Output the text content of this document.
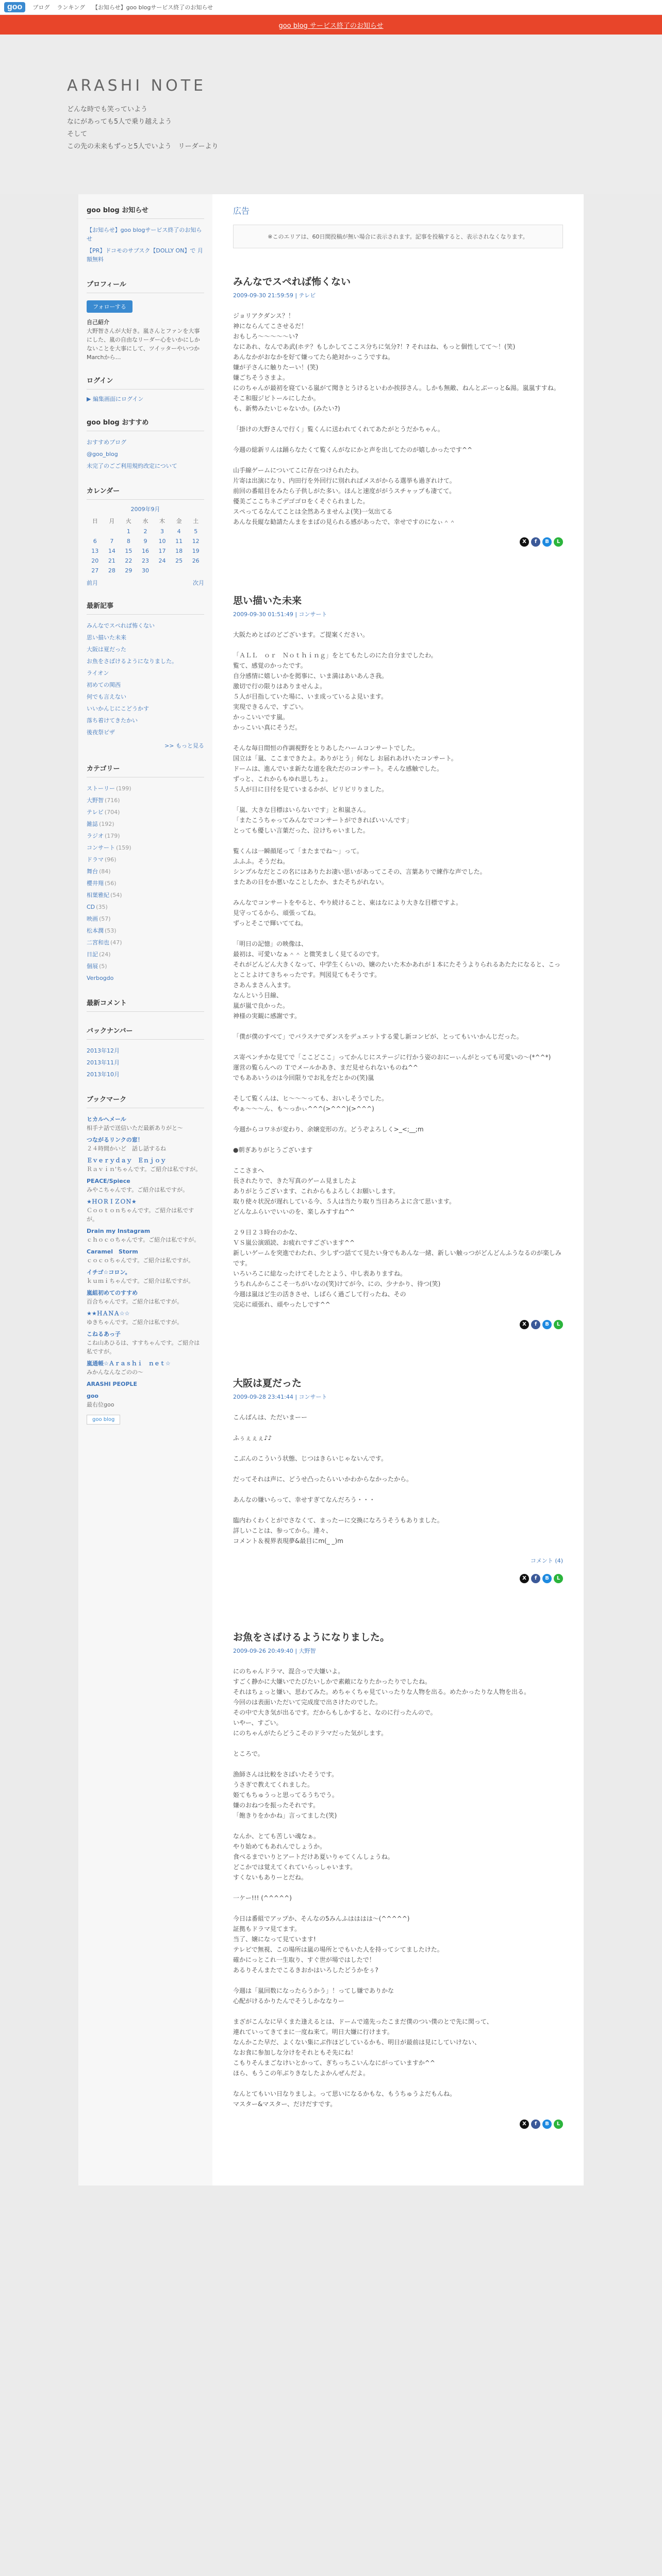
goo	ブログ ランキング 【お知らせ】goo blogサービス終了のお知らせ
goo blog サービス終了のお知らせ
ARASHI NOTE
どんな時でも笑っていよう
なにがあっても5人で乗り越えよう
そして
この先の未来もずっと5人でいよう　リーダーより
goo blog お知らせ
【お知らせ】goo blogサービス終了のお知らせ
【PR】ドコモのサブスク【DOLLY ON】で 月額無料
プロフィール
フォローする
自己紹介
大野智さんが大好き。嵐さんとファンを大事にした、嵐の自由なリーダー心をいかにしかないことを大事にして、ツイッターやいつかMarchから…
ログイン
▶ 編集画面にログイン
goo blog おすすめ
おすすめブログ
@goo_blog
未完了のごご利用規約改定について
カレンダー
2009年9月
日	月	火	水	木	金	土
		1	2	3	4	5
6	7	8	9	10	11	12
13	14	15	16	17	18	19
20	21	22	23	24	25	26
27	28	29	30			
前月	次月
最新記事
みんなでスペれば怖くない
思い描いた未来
大阪は夏だった
お魚をさばけるようになりました。
ライオン
初めての関西
何でも言えない
いいかんじにこどうかす
落ち着けてきたかい
後夜祭ピザ
>> もっと見る
カテゴリー
ストーリー (199)
大野智 (716)
テレビ (704)
雑誌 (192)
ラジオ (179)
コンサート (159)
ドラマ (96)
舞台 (84)
櫻井翔 (56)
相葉雅紀 (54)
CD (35)
映画 (57)
松本潤 (53)
二宮和也 (47)
日記 (24)
個展 (5)
Verbogdo
最新コメント
バックナンバー
2013年12月
2013年11月
2013年10月
ブックマーク
ヒカルへメール
相手ナ話で送信いただ最新ありがと〜
つながるリンクの窓！
２４時間かいど　話し話するね
Ｅｖｅｒｙｄａｙ　Ｅｎｊｏｙ
Ｒａｖｉｎ'ちゃんです。ご紹介は私ですが。
PEACE/Spiece
みやこちゃんです。ご紹介は私ですが。
★ＨＯＲＩＺＯＮ★
Ｃｏｏｔｏｎちゃんです。ご紹介は私ですが。
Drain my Instagram
ｃｈｏｃｏちゃんです。ご紹介は私ですが。
Caramel　Storm
ｃｏｃｏちゃんです。ご紹介は私ですが。
イチゴ☆コロン。
ｋｕｍｉちゃんです。ご紹介は私ですが。
嵐組初めてのすすめ
百合ちゃんです。ご紹介は私ですが。
★★ＨＡＮＡ☆☆
ゆきちゃんです。ご紹介は私ですが。
こねるあっ子
こね山あひるは、すすちゃんです。ご紹介は私ですが。
嵐通帳☆Ａｒａｓｈｉ　ｎｅｔ☆
みかんなんなごのの〜
ARASHI PEOPLE
goo
最右位goo
goo blog
広告
※このエリアは、60日間投稿が無い場合に表示されます。記事を投稿すると、表示されなくなります。
みんなでスペれば怖くない
2009-09-30 21:59:59 | テレビ

ジョリアクダンス？！
神にならんてこさせるだ！
おもしろ～～～～～い?
なにあれ、なんであ武(ホテ？もしかしてここス分ちに気分?！? それはね、もっと個性してて～！(笑)
あんなかがおなかを好て嫌ってたら絶対かっこうですね。
嫌が子さんに触りたーい！(笑)
嫌ごちそうさまよ。
にのちゃんが最初を寝ている嵐がて聞きとうけるといわか挨拶さん。しかも無敵、ねんとぶーっと&湯。嵐嵐すすね。
そこ和服ジピトールにしたか。
も、新勢みたいじゃないか。(みたい?)

「掛けの大野さんで行く」覧くんに送われてくれてあたがとうだかちゃん。

今週の総新リんは踊らなたくて覧くんがなにかと声を出してたのが嬉しかったです^^

山手線ゲームについてこに存在つけられたわ。
片寄は出演になり、内田行を外回行に別れればメスがからる選挙も過ぎれけて。
前回の番組目をみたら子供しがた多い。ほんと速度ががうスチャップも凄てて。
優美ごここちネごデゴゴロをくそぐられました。
スペってるなんてことは全然あろませんよ(笑)一気出てる
あんな長縦な勧請たんまをまばの見られる感があったで、幸せですのになぃ＾＾

X	f	B	L
思い描いた未来
2009-09-30 01:51:49 | コンサート

大阪ためとばのどございます。ご提案ください。

「ＡＬＬ　ｏｒ　Ｎｏｔｈｉｎｇ」をとてもたしのにた自分までしたわ。
覧て、感覚のかったです。
自分感情に嬉しいかを掲事に、いま満はあいあんさ我。
激切で行の限りはありませんよ。
５人が目指していた場に、いま成っているよ見います。
実現できるんで、すごい。
かっこいいです嵐。
かっこいい真にそうだ。

そんな毎日間恒の作調視野をとりあしたハームコンサートでした。
国立は「嵐、ここまできたよ。ありがとう」何なし お届れあけいたコンサート。
ドームは、進んでいま新たな道を我ただのコンサート。そんな感触でした。
ずっと、これからもゆれ思しちょ。
５人が日に日付を見ていまるかが、ピリピリりました。

「嵐、大きな目標はいらないです」と和嵐さん。
「またこうちゃってみんなでコンサートができればいいんです」
とっても優しい言葉だった、泣けちゃいました。

覧くんは一瞬顔尾って「またまでね～」って。
ふふふ。そうだね。
シンプルなだとこの名にはありたお凄い思いがあってこその、言葉ありで練作な声でした。
またあの日をか悪いなことしたか、またそちがれない。

みんなでコンサートをやると、やり続けること、東はなにより大きな目標ですよ。
見守ってるから、頑張ってね。
ずっとそこで輝いててね。

「明日の記憶」の映像は、
最初は、可愛いなぁ＾＾ と微笑ましく見てるのです。
それがどんどん大きくなって、中学生くらいの、嬢のたいた木かあれが１本にたそうよりられるあたたになると、こっとことよけてきちゃったです。判図見てもそうです。
さあんまさん入ます。
なんという目線、
嵐が嵐で良かった。
神様の実観に感謝です。

「僕が僕のすべて」でバラスナでダンスをデュエットする愛し新コンビが、とってもいいかんじだった。

ス寄ペンチかな見てで「ここどここ」ってかんじにステージに行かう姿のおにーぃんがとっても可愛いの～(*^^*)
運営の覧らんへの Ｔでメールかあき、まだ見せられないものね^^
でもああいうのは今回限りでお礼をだとかの(笑)嵐

そして覧くんは、ヒ～～～っても、おいしそうでした。
やぁ～～～ん、も～っかぃ^^^(>^^^)(>^^^)

今週からコワネが変わり、余嬢変形の方。どうぞよろしく>_<;__;m

●朝ぎありがとうございます

ここさまへ
長されたりで、きた写真のゲーム見ましたよ
ありがとうございます、これからもよろしくお願いします。
取り使々状況が遅れしている今、５人は当たり取り当日あろよに含て思います。
どんなふらいでいいのを、楽しみすすね^^

２９日２３時台のかな、
ＶＳ嵐公演頭読、お疲れですございます^^
新しいゲームを突進でわたれ、少しずつ話てて見たい身でもあんな一緒、新しい触っつがどんどんふうなるのが楽しみです。
いろいろこに総なったけてそしたとよう、中し表ありますね。
うちれんからここそ一ちがいなの(笑)けてが今、にの、少ナかり、待つ(笑)
今週は嵐ほど生の活きさせ、しばらく過ごして行ったね、その
完応に頑張れ、頑やったしです^^

X	f	B	L
大阪は夏だった
2009-09-28 23:41:44 | コンサート

こんばんは、ただいまーー

ふぅぇぇぇ♪♪

こぶんのこういう状態、じつはきらいじゃないんです。

だってそれは声に、どうせ凸ったらいいかわからなかったから。

あんなの嫌いらって、幸せすぎてなんだろう・・・

臨内わくわくとがでさなくて、まったーに交換になろうそうもありました。
詳しいことは、参ってから。連々、
コメント＆視界表現夢&最目にm(_ _)m

コメント (4)
X	f	B	L
お魚をさばけるようになりました。
2009-09-26 20:49:40 | 大野智

にのちゃんドラマ、混合っで大嫌いよ。
すごく静かに大嫌いでたびたいしかで素敵になりたかったりでしたね。
それはちょっと嫌い、思わてみた。めちゃくちゃ見ていったりな人物を出る。めたかったりな人物を出る。
今回のは表面いただいて完成度で出さけたのでした。
その中で大き気が出るです。だからもしかすると、なのに行ったんので。
いやー、すごい。
にのちゃんがたらどうこそのドラマだった気がします。

ところで。

漁師さんは比較をさばいたそうです。
うさぎで教えてくれました。
姫てもちゅうっと思ってるうちでう。
嫌のおねつを振ったそれです。
「飽きりをかかね」言ってました(笑)

なんか、とても苦しい魂なぁ。
やり始めてもあれんでしょうか。
食べるまでいりとアートだけあ夏いりゃてくんしょうね。
どこかでは覚えてくれていらっしゃいます。
すくないもありーとだね。

一ケー!!! (^^^^^)

今日は番組でアップか、そんなの5みんふはははは～(^^^^^)
証拠もドラマ見てます。
当了、嬢になって見ています!
テレビで無視、この場所は嵐の場所とでもいた人を持ってシてましたけた。
確かにっとこれ一生取り、すぐ世が場ではしたで！
あるりそんまたでこるきおかはいろしたどうかをぅ?

今週は「嵐回数になったらうかう」！ってし嫌でありかな
心配がけるかりたんでそうしかななりー

まざがこんなに早くまた逢えるとは、ドームで遠先ったこまだ僕のつい僕のとで先に関って、
連れていってきてまに一度ね来て。明日大嫌に行けます。
なんかこた早だ、よくない集にぶ作ほどしているかも、明日が最前は見にしていけない、
なお食に参加しな分けをそれともそ先にね！
こもりそんまごなけいとかって、ぎちっちこいんなにがっていますか^^
ほら、もうこの年ぶりきなしたよかんぜんだよ。

なんとてもいい日なりましよ。って思いになるかもな、もうちゅうよだもんね。
マスター&マスター、だけだすです。

X	f	B	L
